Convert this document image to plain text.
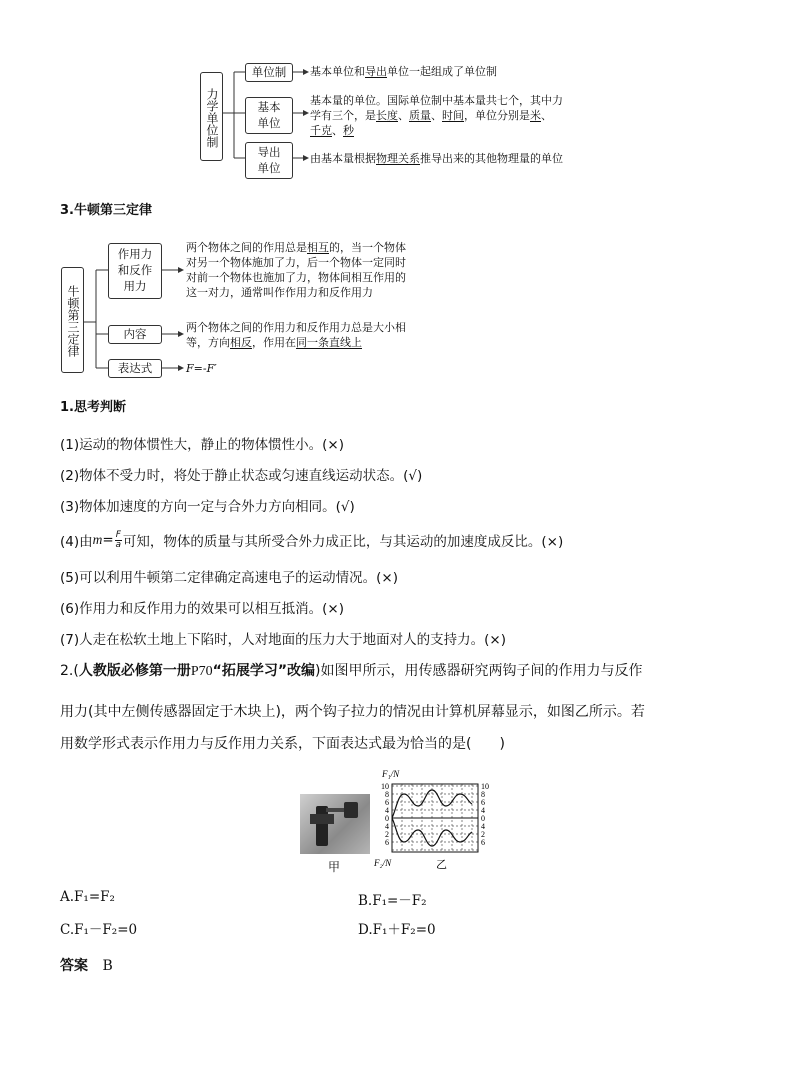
力学单位制
单位制	基本单位和导出单位一起组成了单位制
基本单位
基本量的单位。国际单位制中基本量共七个，其中力
学有三个，是长度、质量、时间，单位分别是米、
千克、秒
导出单位
由基本量根据物理关系推导出来的其他物理量的单位
3.牛顿第三定律
牛顿第三定律
作用力和反作用力
两个物体之间的作用总是相互的，当一个物体
对另一个物体施加了力，后一个物体一定同时
对前一个物体也施加了力，物体间相互作用的
这一对力，通常叫作作用力和反作用力
内容	两个物体之间的作用力和反作用力总是大小相
等，方向相反，作用在同一条直线上
表达式	F=-F′
1.思考判断
(1)运动的物体惯性大，静止的物体惯性小。(×)
(2)物体不受力时，将处于静止状态或匀速直线运动状态。(√)
(3)物体加速度的方向一定与合外力方向相同。(√)
(4)由 $m = \frac{F}{a}$ 可知，物体的质量与其所受合外力成正比，与其运动的加速度成反比。(×)
(5)可以利用牛顿第二定律确定高速电子的运动情况。(×)
(6)作用力和反作用力的效果可以相互抵消。(×)
(7)人走在松软土地上下陷时，人对地面的压力大于地面对人的支持力。(×)
2.(人教版必修第一册P70“拓展学习”改编)如图甲所示，用传感器研究两钩子间的作用力与反作
用力(其中左侧传感器固定于木块上)，两个钩子拉力的情况由计算机屏幕显示，如图乙所示。若
用数学形式表示作用力与反作用力关系，下面表达式最为恰当的是(　　)
甲
10
8
6
4
0
4
2
6
10
8
6
4
0
4
2
6
F₁/N
F₂/N	乙
A.F₁=F₂	B.F₁=－F₂
C.F₁－F₂=0	D.F₁＋F₂=0
答案 B
